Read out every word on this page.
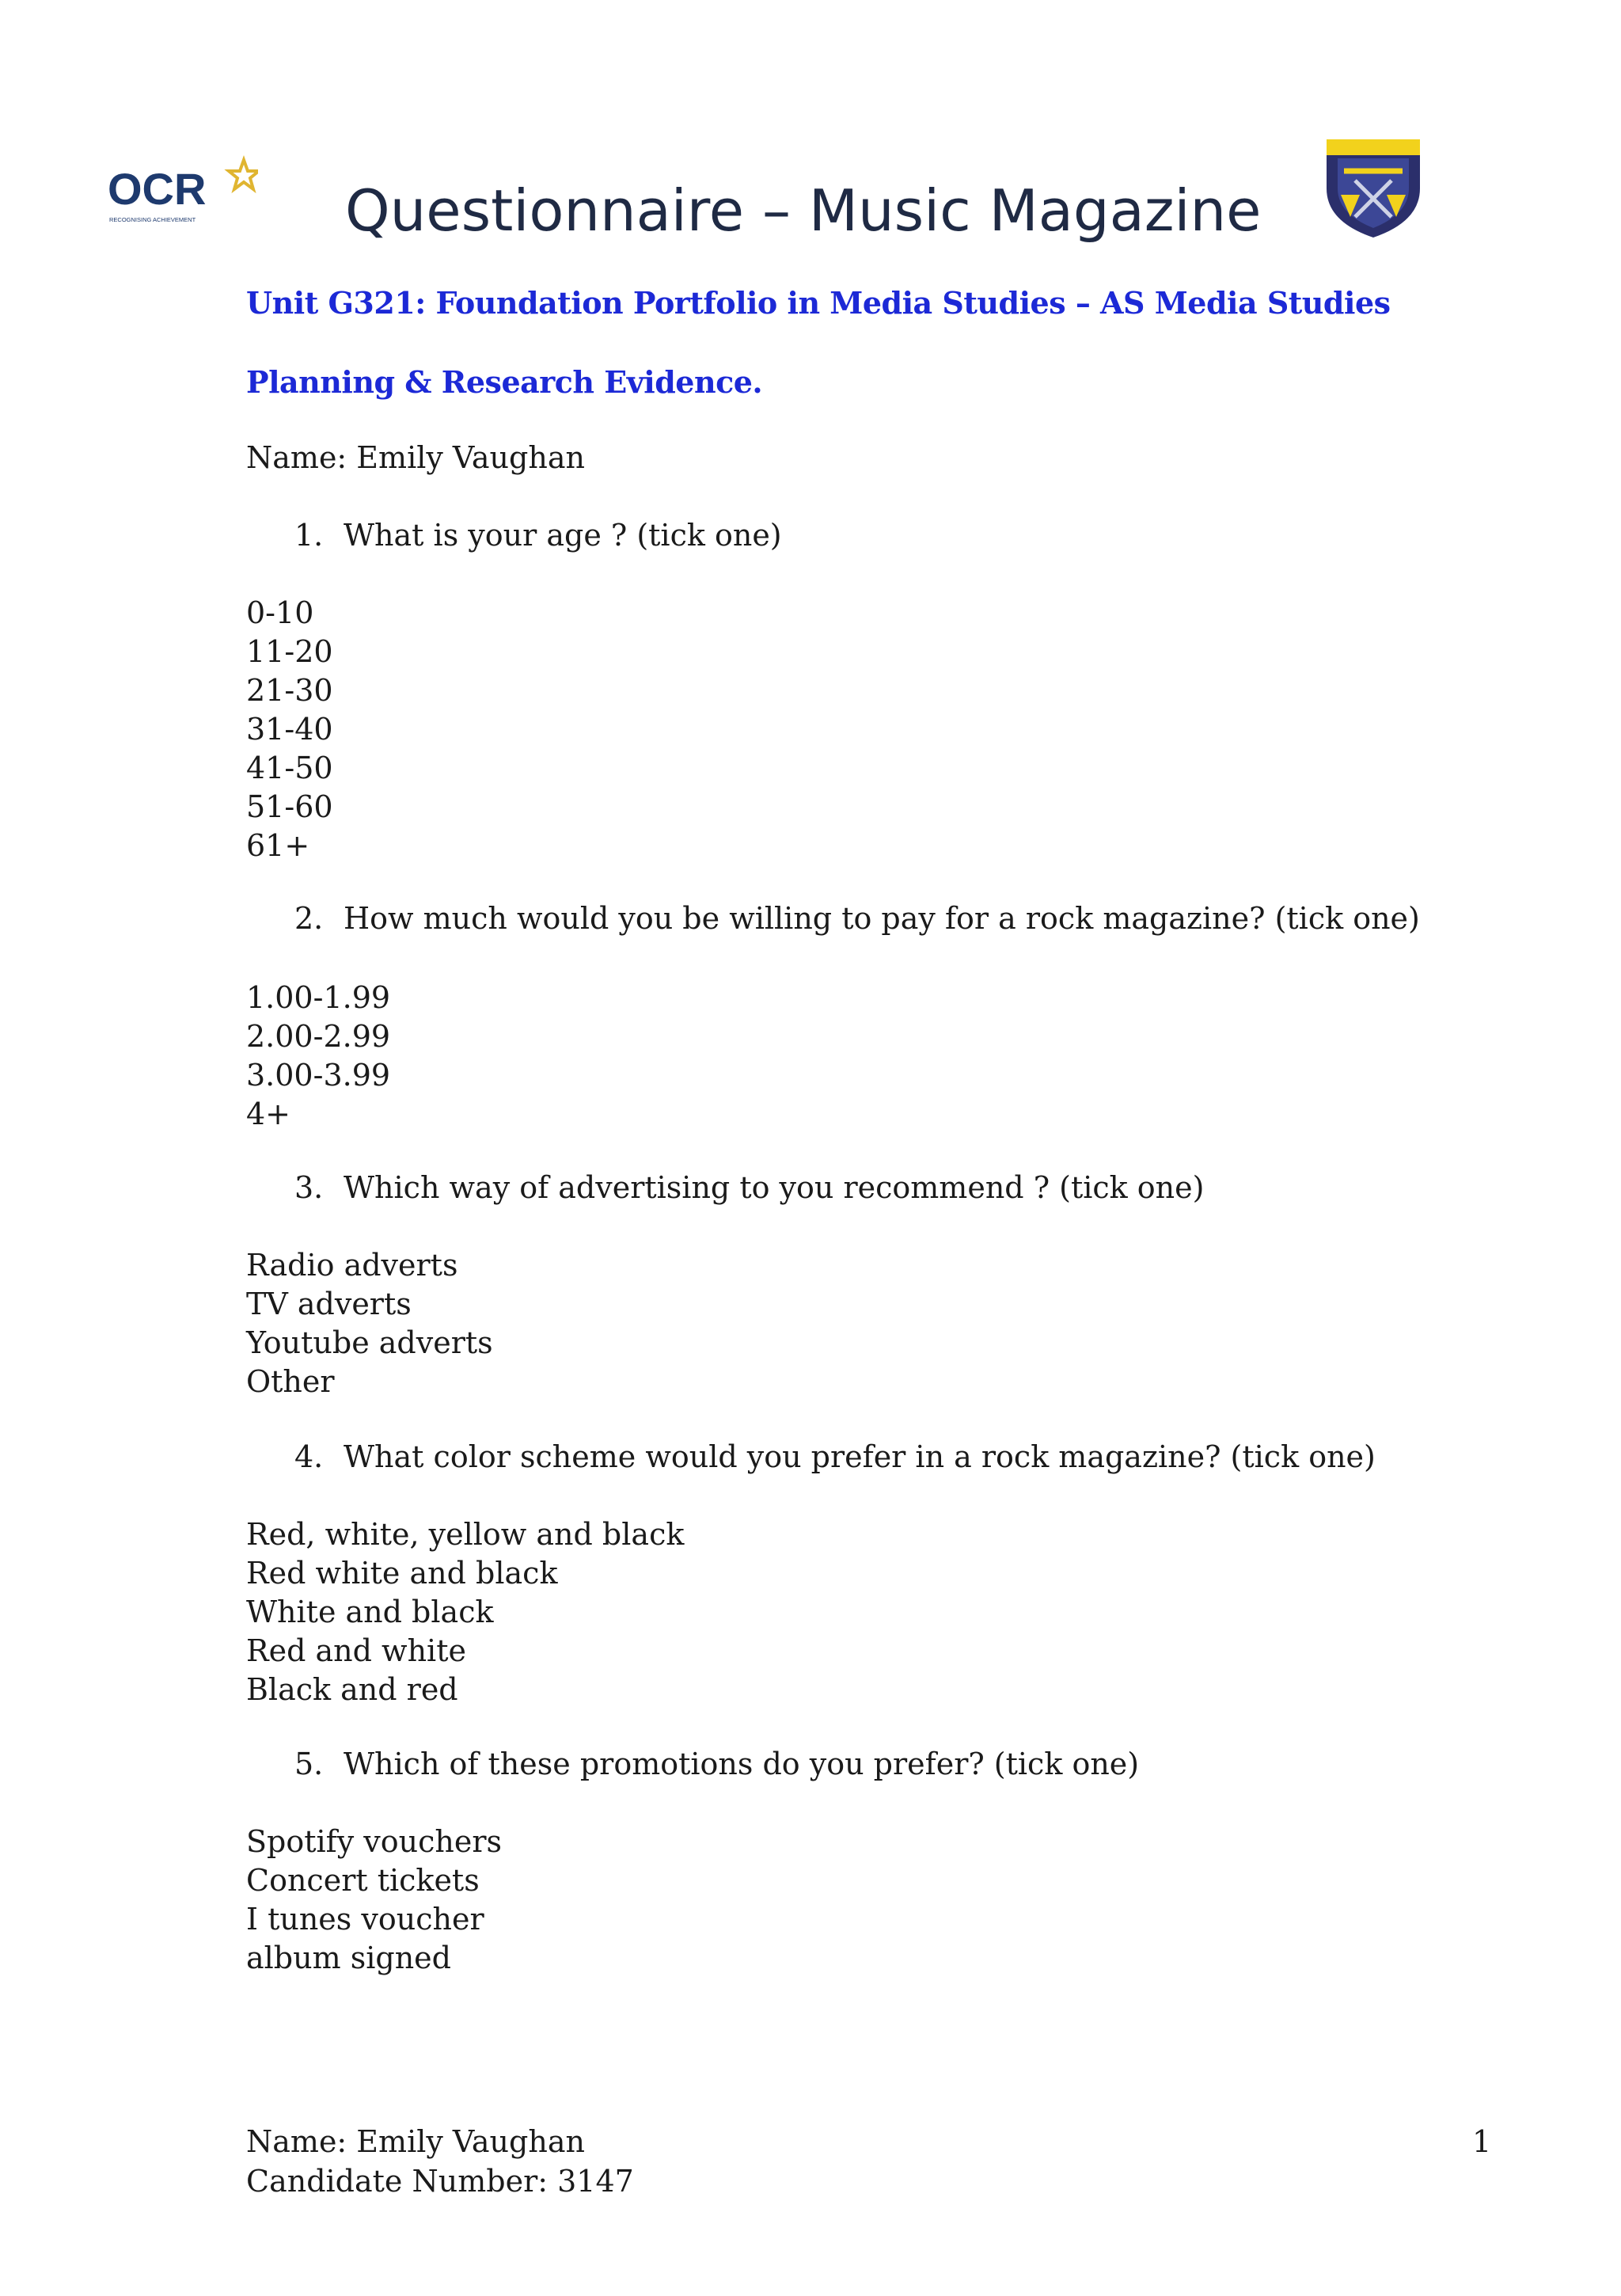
OCR
RECOGNISING ACHIEVEMENT	Questionnaire – Music Magazine
Unit G321: Foundation Portfolio in Media Studies – AS Media Studies
Planning & Research Evidence.
Name: Emily Vaughan
1. What is your age ? (tick one)
0-10
11-20
21-30
31-40
41-50
51-60
61+
2. How much would you be willing to pay for a rock magazine? (tick one)
1.00-1.99
2.00-2.99
3.00-3.99
4+
3. Which way of advertising to you recommend ? (tick one)
Radio adverts
TV adverts
Youtube adverts
Other
4. What color scheme would you prefer in a rock magazine? (tick one)
Red, white, yellow and black
Red white and black
White and black
Red and white
Black and red
5. Which of these promotions do you prefer? (tick one)
Spotify vouchers
Concert tickets
I tunes voucher
album signed
Name: Emily Vaughan
Candidate Number: 3147
1
